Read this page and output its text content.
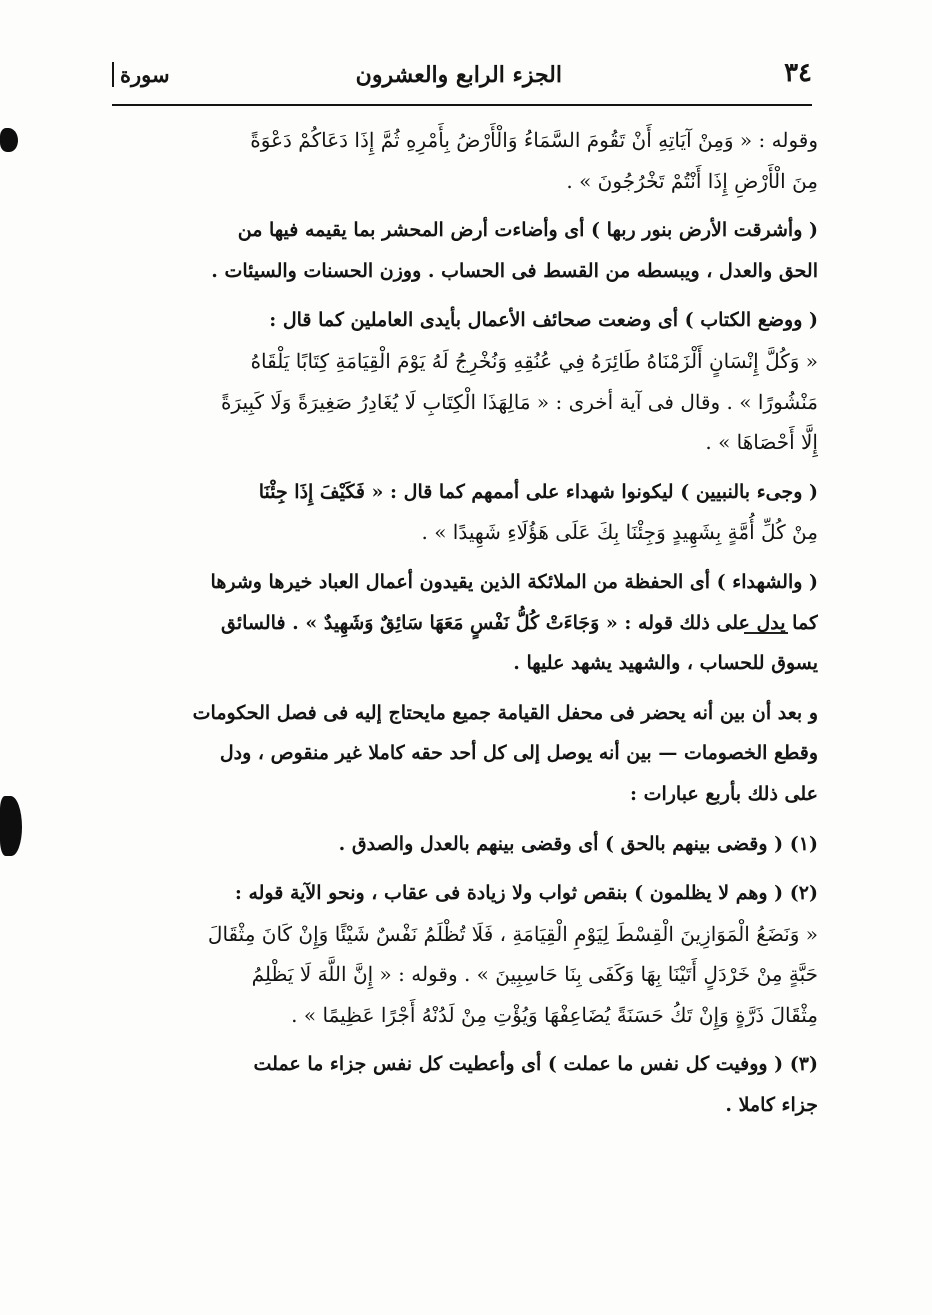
٣٤
الجزء الرابع والعشرون
سورة
وقوله : « وَمِنْ آيَاتِهِ أَنْ تَقُومَ السَّمَاءُ وَالْأَرْضُ بِأَمْرِهِ ثُمَّ إِذَا دَعَاكُمْ دَعْوَةً
مِنَ الْأَرْضِ إِذَا أَنْتُمْ تَخْرُجُونَ » .
( وأشرقت الأرض بنور ربها ) أى وأضاءت أرض المحشر بما يقيمه فيها من
الحق والعدل ، ويبسطه من القسط فى الحساب . ووزن الحسنات والسيئات .
( ووضع الكتاب ) أى وضعت صحائف الأعمال بأيدى العاملين كما قال :
« وَكُلَّ إِنْسَانٍ أَلْزَمْنَاهُ طَائِرَهُ فِي عُنُقِهِ وَنُخْرِجُ لَهُ يَوْمَ الْقِيَامَةِ كِتَابًا يَلْقَاهُ
مَنْشُورًا » . وقال فى آية أخرى : « مَالِهَذَا الْكِتَابِ لَا يُغَادِرُ صَغِيرَةً وَلَا كَبِيرَةً
إِلَّا أَحْصَاهَا » .
( وجىء بالنبيين ) ليكونوا شهداء على أممهم كما قال : « فَكَيْفَ إِذَا جِئْنَا
مِنْ كُلِّ أُمَّةٍ بِشَهِيدٍ وَجِئْنَا بِكَ عَلَى هَؤُلَاءِ شَهِيدًا » .
( والشهداء ) أى الحفظة من الملائكة الذين يقيدون أعمال العباد خيرها وشرها
كما يدل على ذلك قوله : « وَجَاءَتْ كُلُّ نَفْسٍ مَعَهَا سَائِقٌ وَشَهِيدٌ » . فالسائق
يسوق للحساب ، والشهيد يشهد عليها .
و بعد أن بين أنه يحضر فى محفل القيامة جميع مايحتاج إليه فى فصل الحكومات
وقطع الخصومات — بين أنه يوصل إلى كل أحد حقه كاملا غير منقوص ، ودل
على ذلك بأربع عبارات :
(١) ( وقضى بينهم بالحق ) أى وقضى بينهم بالعدل والصدق .
(٢) ( وهم لا يظلمون ) بنقص ثواب ولا زيادة فى عقاب ، ونحو الآية قوله :
« وَنَضَعُ الْمَوَازِينَ الْقِسْطَ لِيَوْمِ الْقِيَامَةِ ، فَلَا تُظْلَمُ نَفْسٌ شَيْئًا وَإِنْ كَانَ مِثْقَالَ
حَبَّةٍ مِنْ خَرْدَلٍ أَتَيْنَا بِهَا وَكَفَى بِنَا حَاسِبِينَ » . وقوله : « إِنَّ اللَّهَ لَا يَظْلِمُ
مِثْقَالَ ذَرَّةٍ وَإِنْ تَكُ حَسَنَةً يُضَاعِفْهَا وَيُؤْتِ مِنْ لَدُنْهُ أَجْرًا عَظِيمًا » .
(٣) ( ووفيت كل نفس ما عملت ) أى وأعطيت كل نفس جزاء ما عملت
جزاء كاملا .
